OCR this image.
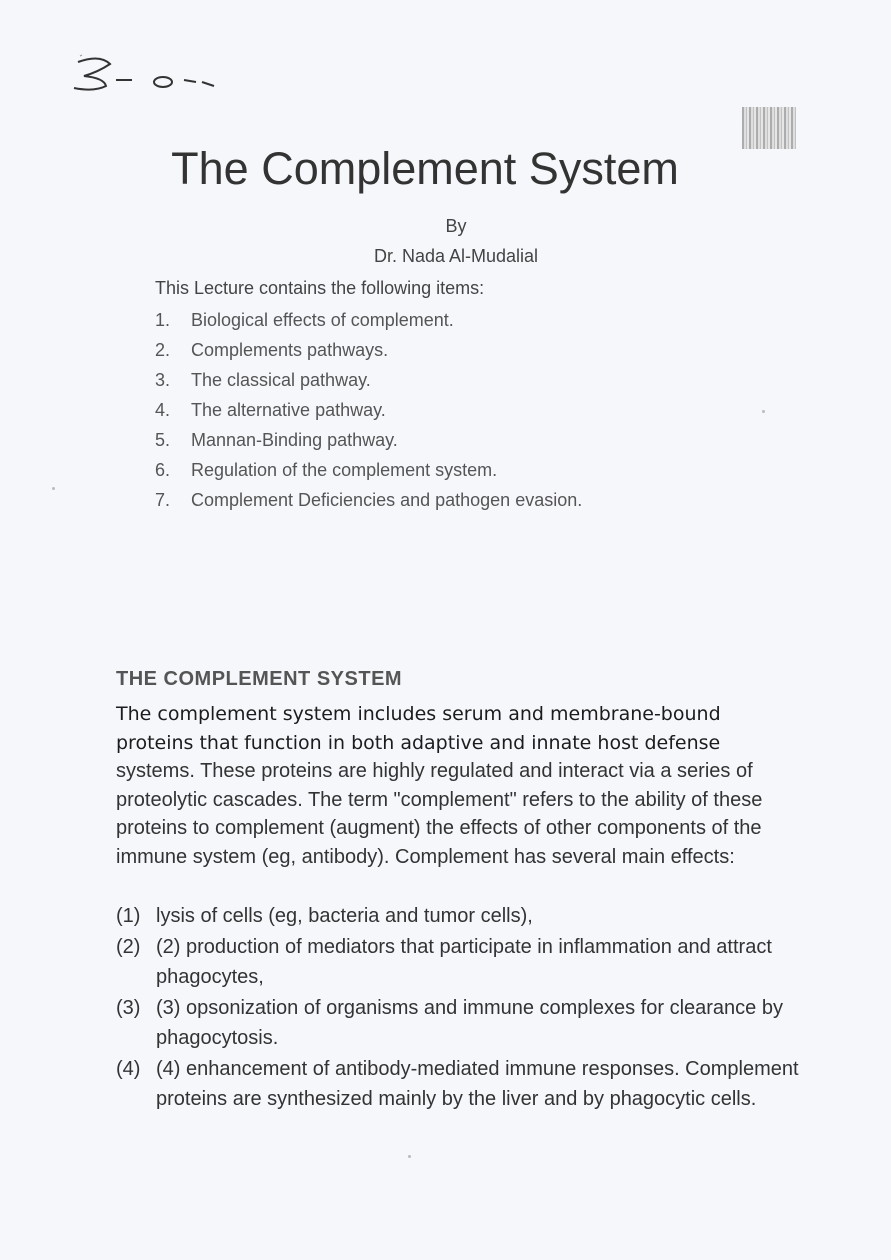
3-0-
The Complement System
By
Dr. Nada Al-Mudalial
This Lecture contains the following items:
1. Biological effects of complement.
2. Complements pathways.
3. The classical pathway.
4. The alternative pathway.
5. Mannan-Binding pathway.
6. Regulation of the complement system.
7. Complement Deficiencies and pathogen evasion.
THE COMPLEMENT SYSTEM

The complement system includes serum and membrane-bound proteins that function in both adaptive and innate host defense systems. These proteins are highly regulated and interact via a series of proteolytic cascades. The term "complement" refers to the ability of these proteins to complement (augment) the effects of other components of the immune system (eg, antibody). Complement has several main effects:

(1) lysis of cells (eg, bacteria and tumor cells),
(2) (2) production of mediators that participate in inflammation and attract phagocytes,
(3) (3) opsonization of organisms and immune complexes for clearance by phagocytosis.
(4) (4) enhancement of antibody-mediated immune responses. Complement proteins are synthesized mainly by the liver and by phagocytic cells.
